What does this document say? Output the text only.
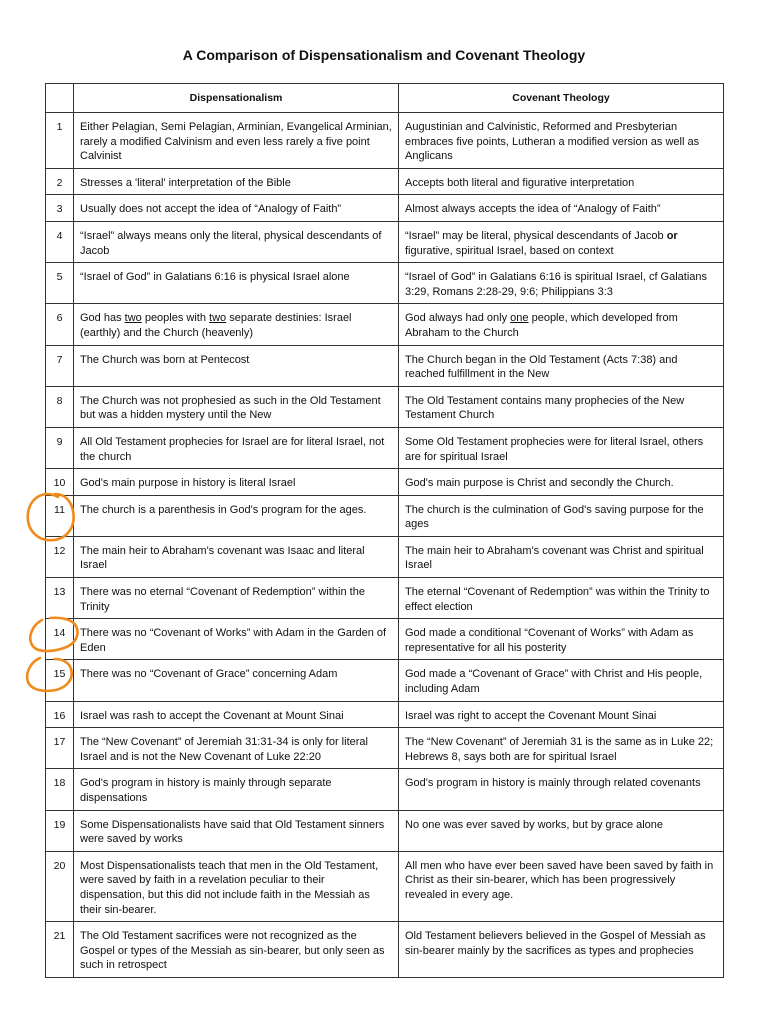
A Comparison of Dispensationalism and Covenant Theology
	Dispensationalism	Covenant Theology
1	Either Pelagian, Semi Pelagian, Arminian, Evangelical Arminian, rarely a modified Calvinism and even less rarely a five point Calvinist	Augustinian and Calvinistic, Reformed and Presbyterian embraces five points, Lutheran a modified version as well as Anglicans
2	Stresses a 'literal' interpretation of the Bible	Accepts both literal and figurative interpretation
3	Usually does not accept the idea of “Analogy of Faith”	Almost always accepts the idea of “Analogy of Faith”
4	“Israel” always means only the literal, physical descendants of Jacob	“Israel” may be literal, physical descendants of Jacob or figurative, spiritual Israel, based on context
5	“Israel of God” in Galatians 6:16 is physical Israel alone	“Israel of God” in Galatians 6:16 is spiritual Israel, cf Galatians 3:29, Romans 2:28-29, 9:6; Philippians 3:3
6	God has two peoples with two separate destinies: Israel (earthly) and the Church (heavenly)	God always had only one people, which developed from Abraham to the Church
7	The Church was born at Pentecost	The Church began in the Old Testament (Acts 7:38) and reached fulfillment in the New
8	The Church was not prophesied as such in the Old Testament but was a hidden mystery until the New	The Old Testament contains many prophecies of the New Testament Church
9	All Old Testament prophecies for Israel are for literal Israel, not the church	Some Old Testament prophecies were for literal Israel, others are for spiritual Israel
10	God's main purpose in history is literal Israel	God's main purpose is Christ and secondly the Church.
11	The church is a parenthesis in God's program for the ages.	The church is the culmination of God's saving purpose for the ages
12	The main heir to Abraham's covenant was Isaac and literal Israel	The main heir to Abraham's covenant was Christ and spiritual Israel
13	There was no eternal “Covenant of Redemption” within the Trinity	The eternal “Covenant of Redemption” was within the Trinity to effect election
14	There was no “Covenant of Works” with Adam in the Garden of Eden	God made a conditional “Covenant of Works” with Adam as representative for all his posterity
15	There was no “Covenant of Grace” concerning Adam	God made a “Covenant of Grace” with Christ and His people, including Adam
16	Israel was rash to accept the Covenant at Mount Sinai	Israel was right to accept the Covenant Mount Sinai
17	The “New Covenant” of Jeremiah 31:31-34 is only for literal Israel and is not the New Covenant of Luke 22:20	The “New Covenant” of Jeremiah 31 is the same as in Luke 22; Hebrews 8, says both are for spiritual Israel
18	God's program in history is mainly through separate dispensations	God's program in history is mainly through related covenants
19	Some Dispensationalists have said that Old Testament sinners were saved by works	No one was ever saved by works, but by grace alone
20	Most Dispensationalists teach that men in the Old Testament, were saved by faith in a revelation peculiar to their dispensation, but this did not include faith in the Messiah as their sin-bearer.	All men who have ever been saved have been saved by faith in Christ as their sin-bearer, which has been progressively revealed in every age.
21	The Old Testament sacrifices were not recognized as the Gospel or types of the Messiah as sin-bearer, but only seen as such in retrospect	Old Testament believers believed in the Gospel of Messiah as sin-bearer mainly by the sacrifices as types and prophecies
